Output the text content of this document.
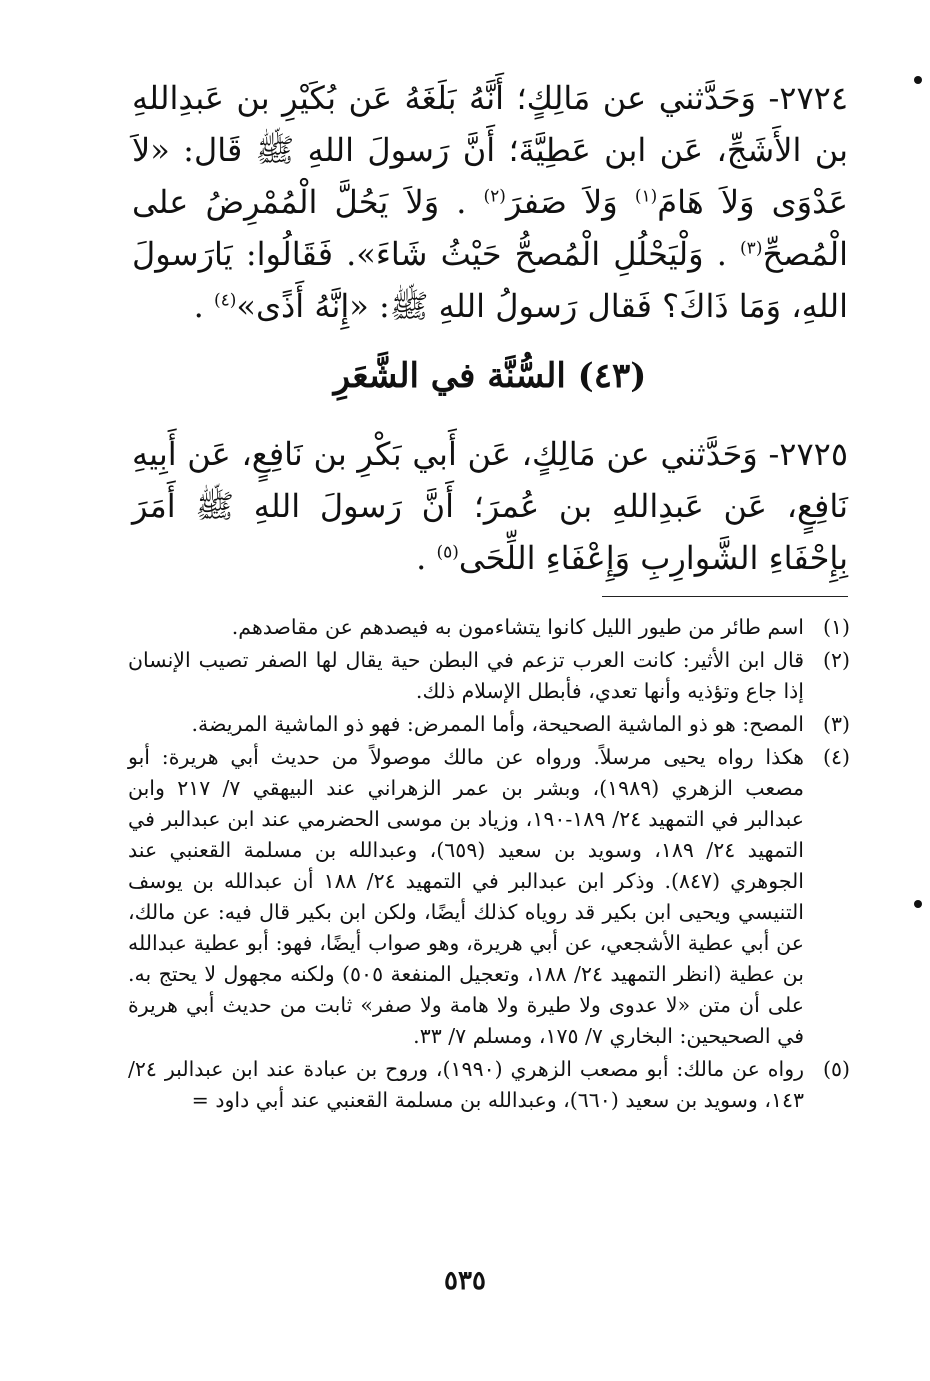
٢٧٢٤- وَحَدَّثني عن مَالِكٍ؛ أَنَّهُ بَلَغَهُ عَن بُكَيْرِ بن عَبدِاللهِ بن الأَشَجِّ، عَن ابن عَطِيَّةَ؛ أَنَّ رَسولَ اللهِ ﷺ قَال: «لاَ عَدْوَى وَلاَ هَامَ$^{(١)}$ وَلاَ صَفرَ$^{(٢)}$ . وَلاَ يَحُلَّ الْمُمْرِضُ على الْمُصحِّ$^{(٣)}$ . وَلْيَحْلُلِ الْمُصحُّ حَيْثُ شَاءَ». فَقَالُوا: يَارَسولَ اللهِ، وَمَا ذَاكَ؟ فَقال رَسولُ اللهِ ﷺ: «إِنَّهُ أَذًى»$^{(٤)}$ .

(٤٣) السُّنَّة في الشَّعَرِ

٢٧٢٥- وَحَدَّثني عن مَالِكٍ، عَن أَبي بَكْرِ بن نَافِعٍ، عَن أَبِيهِ نَافِعٍ، عَن عَبدِاللهِ بن عُمرَ؛ أَنَّ رَسولَ اللهِ ﷺ أَمَرَ بِإِحْفَاءِ الشَّوارِبِ وَإِعْفَاءِ اللِّحَى$^{(٥)}$ .

(١)
اسم طائر من طيور الليل كانوا يتشاءمون به فيصدهم عن مقاصدهم.
(٢)
قال ابن الأثير: كانت العرب تزعم في البطن حية يقال لها الصفر تصيب الإنسان إذا جاع وتؤذيه وأنها تعدي، فأبطل الإسلام ذلك.
(٣)
المصح: هو ذو الماشية الصحيحة، وأما الممرض: فهو ذو الماشية المريضة.
(٤)
هكذا رواه يحيى مرسلاً. ورواه عن مالك موصولاً من حديث أبي هريرة: أبو مصعب الزهري (١٩٨٩)، وبشر بن عمر الزهراني عند البيهقي ٧/ ٢١٧ وابن عبدالبر في التمهيد ٢٤/ ١٨٩-١٩٠، وزياد بن موسى الحضرمي عند ابن عبدالبر في التمهيد ٢٤/ ١٨٩، وسويد بن سعيد (٦٥٩)، وعبدالله بن مسلمة القعنبي عند الجوهري (٨٤٧). وذكر ابن عبدالبر في التمهيد ٢٤/ ١٨٨ أن عبدالله بن يوسف التنيسي ويحيى ابن بكير قد روياه كذلك أيضًا، ولكن ابن بكير قال فيه: عن مالك، عن أبي عطية الأشجعي، عن أبي هريرة، وهو صواب أيضًا، فهو: أبو عطية عبدالله بن عطية (انظر التمهيد ٢٤/ ١٨٨، وتعجيل المنفعة ٥٠٥) ولكنه مجهول لا يحتج به. على أن متن «لا عدوى ولا طيرة ولا هامة ولا صفر» ثابت من حديث أبي هريرة في الصحيحين: البخاري ٧/ ١٧٥، ومسلم ٧/ ٣٣.
(٥)
رواه عن مالك: أبو مصعب الزهري (١٩٩٠)، وروح بن عبادة عند ابن عبدالبر ٢٤/ ١٤٣، وسويد بن سعيد (٦٦٠)، وعبدالله بن مسلمة القعنبي عند أبي داود =
٥٣٥
